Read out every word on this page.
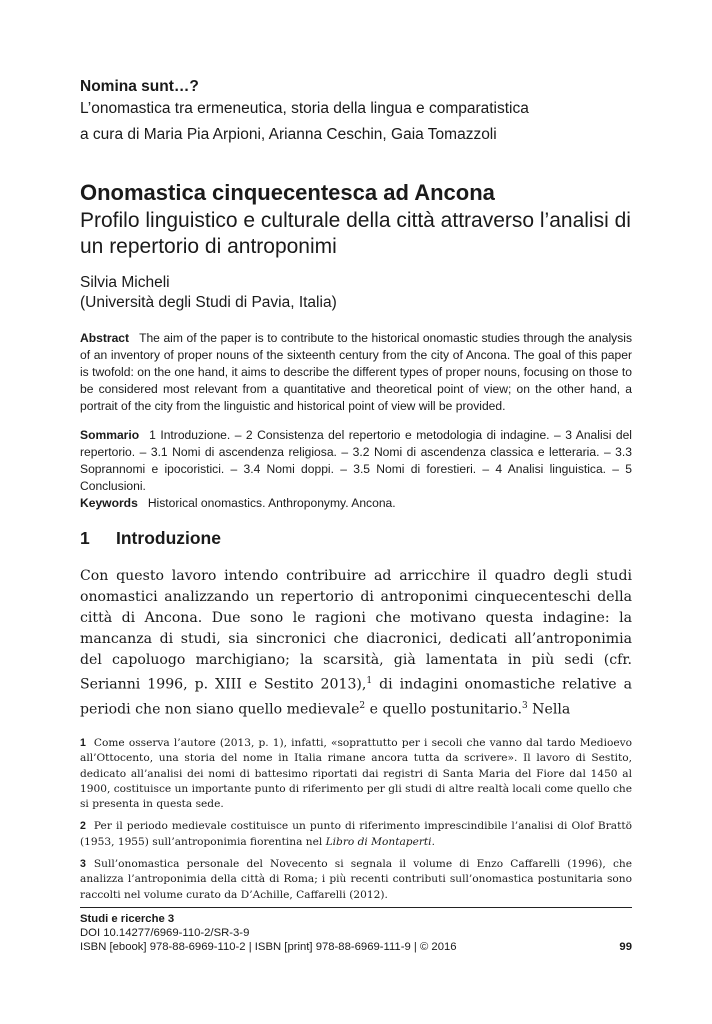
Nomina sunt…?
L’onomastica tra ermeneutica, storia della lingua e comparatistica
a cura di Maria Pia Arpioni, Arianna Ceschin, Gaia Tomazzoli
Onomastica cinquecentesca ad Ancona
Profilo linguistico e culturale della città attraverso l’analisi di un repertorio di antroponimi
Silvia Micheli
(Università degli Studi di Pavia, Italia)
Abstract The aim of the paper is to contribute to the historical onomastic studies through the analysis of an inventory of proper nouns of the sixteenth century from the city of Ancona. The goal of this paper is twofold: on the one hand, it aims to describe the different types of proper nouns, focusing on those to be considered most relevant from a quantitative and theoretical point of view; on the other hand, a portrait of the city from the linguistic and historical point of view will be provided.
Sommario 1 Introduzione. – 2 Consistenza del repertorio e metodologia di indagine. – 3 Analisi del repertorio. – 3.1 Nomi di ascendenza religiosa. – 3.2 Nomi di ascendenza classica e letteraria. – 3.3 Soprannomi e ipocoristici. – 3.4 Nomi doppi. – 3.5 Nomi di forestieri. – 4 Analisi linguistica. – 5 Conclusioni.
Keywords Historical onomastics. Anthroponymy. Ancona.
1 Introduzione
Con questo lavoro intendo contribuire ad arricchire il quadro degli studi onomastici analizzando un repertorio di antroponimi cinquecenteschi della città di Ancona. Due sono le ragioni che motivano questa indagine: la mancanza di studi, sia sincronici che diacronici, dedicati all’antroponimia del capoluogo marchigiano; la scarsità, già lamentata in più sedi (cfr. Serianni 1996, p. XIII e Sestito 2013),$^1$ di indagini onomastiche relative a periodi che non siano quello medievale$^2$ e quello postunitario.$^3$ Nella
1 Come osserva l’autore (2013, p. 1), infatti, «soprattutto per i secoli che vanno dal tardo Medioevo all’Ottocento, una storia del nome in Italia rimane ancora tutta da scrivere». Il lavoro di Sestito, dedicato all’analisi dei nomi di battesimo riportati dai registri di Santa Maria del Fiore dal 1450 al 1900, costituisce un importante punto di riferimento per gli studi di altre realtà locali come quello che si presenta in questa sede.
2 Per il periodo medievale costituisce un punto di riferimento imprescindibile l’analisi di Olof Brattö (1953, 1955) sull’antroponimia fiorentina nel Libro di Montaperti.
3 Sull’onomastica personale del Novecento si segnala il volume di Enzo Caffarelli (1996), che analizza l’antroponimia della città di Roma; i più recenti contributi sull’onomastica postunitaria sono raccolti nel volume curato da D’Achille, Caffarelli (2012).
Studi e ricerche 3
DOI 10.14277/6969-110-2/SR-3-9
ISBN [ebook] 978-88-6969-110-2 | ISBN [print] 978-88-6969-111-9 | © 2016	99
